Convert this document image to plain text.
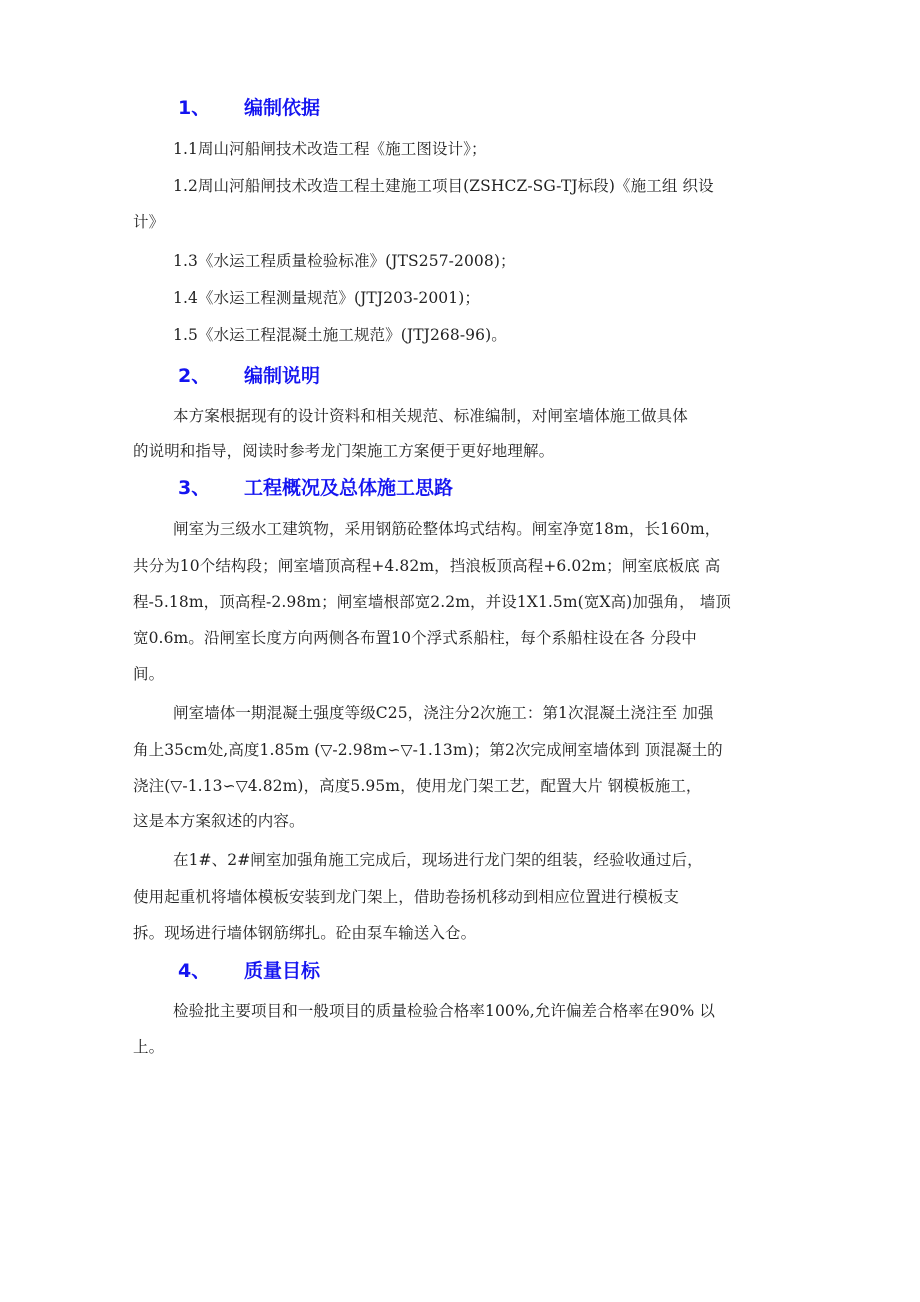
1、 编制依据
1.1周山河船闸技术改造工程《施工图设计》；
1.2周山河船闸技术改造工程土建施工项目(ZSHCZ-SG-TJ标段)《施工组 织设
计》
1.3《水运工程质量检验标准》(JTS257-2008)；
1.4《水运工程测量规范》(JTJ203-2001)；
1.5《水运工程混凝土施工规范》(JTJ268-96)。
2、 编制说明
本方案根据现有的设计资料和相关规范、标准编制，对闸室墙体施工做具体
的说明和指导，阅读时参考龙门架施工方案便于更好地理解。
3、 工程概况及总体施工思路
闸室为三级水工建筑物，采用钢筋砼整体坞式结构。闸室净宽18m，长160m，
共分为10个结构段；闸室墙顶高程+4.82m，挡浪板顶高程+6.02m；闸室底板底 高
程-5.18m，顶高程-2.98m；闸室墙根部宽2.2m，并设1X1.5m(宽X高)加强角， 墙顶
宽0.6m。沿闸室长度方向两侧各布置10个浮式系船柱，每个系船柱设在各 分段中
间。
闸室墙体一期混凝土强度等级C25，浇注分2次施工：第1次混凝土浇注至 加强
角上35cm处,高度1.85m (▽-2.98m∽▽-1.13m)；第2次完成闸室墙体到 顶混凝土的
浇注(▽-1.13∽▽4.82m)，高度5.95m，使用龙门架工艺，配置大片 钢模板施工，
这是本方案叙述的内容。
在1#、2#闸室加强角施工完成后，现场进行龙门架的组装，经验收通过后，
使用起重机将墙体模板安装到龙门架上，借助卷扬机移动到相应位置进行模板支
拆。现场进行墙体钢筋绑扎。砼由泵车输送入仓。
4、 质量目标
检验批主要项目和一般项目的质量检验合格率100%,允许偏差合格率在90% 以
上。
